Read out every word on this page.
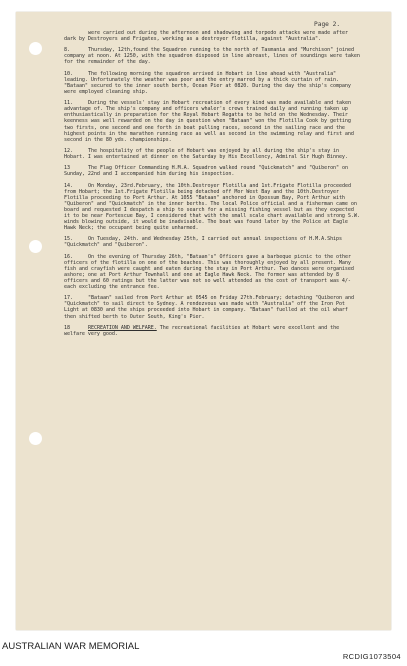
Page 2.

were carried out during the afternoon and shadowing and torpedo attacks were made after dark by Destroyers and Frigates, working as a destroyer flotilla, against "Australia".

8.	Thursday, 12th,found the Squadron running to the north of Tasmania and "Murchison" joined company at noon. At 1250, with the squadron disposed in line abreast, lines of soundings were taken for the remainder of the day.

10.	The following morning the squadron arrived in Hobart in line ahead with "Australia" leading. Unfortunately the weather was poor and the entry marred by a thick curtain of rain. "Bataan" secured to the inner south berth, Ocean Pier at 0820. During the day the ship's company were employed cleaning ship.

11.	During the vessels' stay in Hobart recreation of every kind was made available and taken advantage of. The ship's company and officers whaler's crews trained daily and running taken up enthusiastically in preparation for the Royal Hobart Regatta to be held on the Wednesday. Their keenness was well rewarded on the day in question when "Bataan" won the Flotilla Cook by getting two firsts, one second and one forth in boat pulling races, second in the sailing race and the highest points in the marathon running race as well as second in the swimming relay and first and second in the 80 yds. championships.

12.	The hospitality of the people of Hobart was enjoyed by all during the ship's stay in Hobart. I was entertained at dinner on the Saturday by His Excellency, Admiral Sir Hugh Binney.

13	The Flag Officer Commanding H.M.A. Squadron walked round "Quickmatch" and "Quiberon" on Sunday, 22nd and I accompanied him during his inspection.

14.	On Monday, 23rd.February, the 10th.Destroyer Flotilla and 1st.Frigate Flotilla proceeded from Hobart; the 1st.Frigate Flotilla being detached off Mor West Bay and the 10th.Destroyer Flotilla proceeding to Port Arthur. At 1055 "Bataan" anchored in Opossum Bay, Port Arthur with "Quiberon" and "Quickmatch" in the inner berths. The local Police official and a fisherman came on board and requested I despatch a ship to search for a missing fishing vessel but as they expected it to be near Fortescue Bay, I considered that with the small scale chart available and strong S.W. winds blowing outside, it would be inadvisable. The boat was found later by the Police at Eagle Hawk Neck; the occupant being quite unharmed.

15.	On Tuesday, 24th. and Wednesday 25th, I carried out annual inspections of H.M.A.Ships "Quickmatch" and "Quiberon".

16.	On the evening of Thursday 26th, "Bataan's" Officers gave a barbeque picnic to the other officers of the flotilla on one of the beaches. This was thoroughly enjoyed by all present. Many fish and crayfish were caught and eaten during the stay in Port Arthur. Two dances were organised ashore; one at Port Arthur Townhall and one at Eagle Hawk Neck. The former was attended by 8 officers and 60 ratings but the latter was not so well attended as the cost of transport was 4/- each excluding the entrance fee.

17.	"Bataan" sailed from Port Arthur at 0545 on Friday 27th.February; detaching "Quiberon and "Quickmatch" to sail direct to Sydney. A rendezvous was made with "Australia" off the Iron Pot Light at 0830 and the ships proceeded into Hobart in company. "Bataan" fuelled at the oil wharf then shifted berth to Outer South, King's Pier.

18	RECREATION AND WELFARE. The recreational facilities at Hobart were excellent and the welfare very good.

AUSTRALIAN WAR MEMORIAL
RCDIG1073504
